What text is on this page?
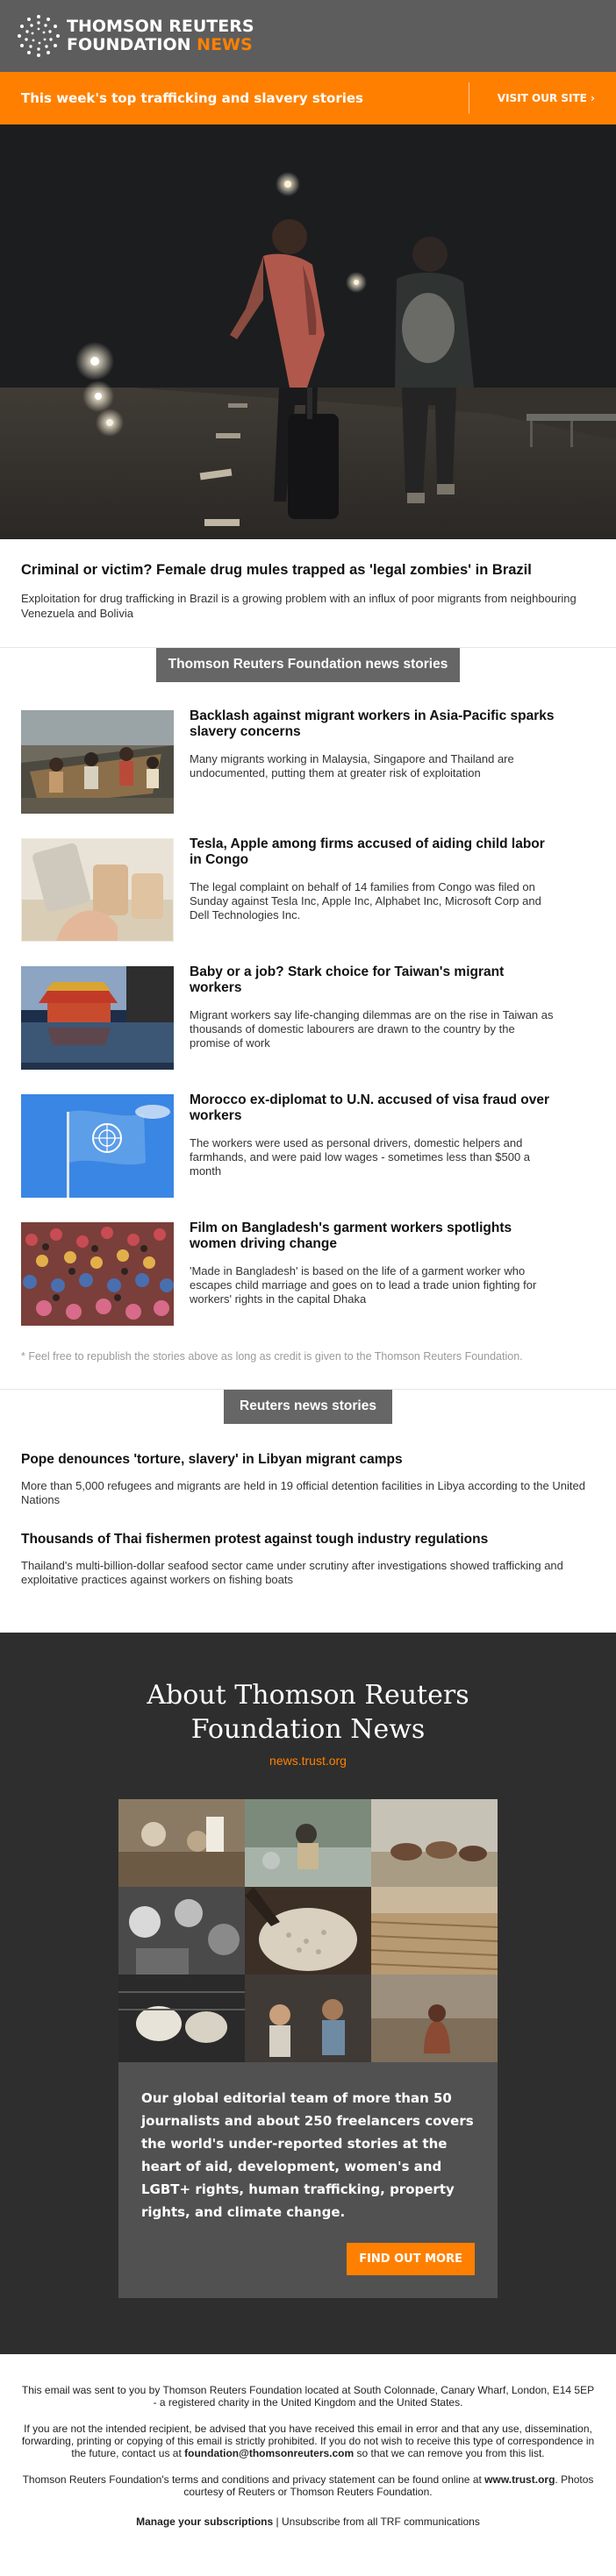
THOMSON REUTERS
FOUNDATION NEWS
This week's top trafficking and slavery stories	VISIT OUR SITE ›
Criminal or victim? Female drug mules trapped as 'legal zombies' in Brazil

Exploitation for drug trafficking in Brazil is a growing problem with an influx of poor migrants from neighbouring Venezuela and Bolivia

Thomson Reuters Foundation news stories
Backlash against migrant workers in Asia-Pacific sparks slavery concerns

Many migrants working in Malaysia, Singapore and Thailand are undocumented, putting them at greater risk of exploitation

Tesla, Apple among firms accused of aiding child labor in Congo

The legal complaint on behalf of 14 families from Congo was filed on Sunday against Tesla Inc, Apple Inc, Alphabet Inc, Microsoft Corp and Dell Technologies Inc.

Baby or a job? Stark choice for Taiwan's migrant workers

Migrant workers say life-changing dilemmas are on the rise in Taiwan as thousands of domestic labourers are drawn to the country by the promise of work

Morocco ex-diplomat to U.N. accused of visa fraud over workers

The workers were used as personal drivers, domestic helpers and farmhands, and were paid low wages - sometimes less than $500 a month

Film on Bangladesh's garment workers spotlights women driving change

'Made in Bangladesh' is based on the life of a garment worker who escapes child marriage and goes on to lead a trade union fighting for workers' rights in the capital Dhaka

* Feel free to republish the stories above as long as credit is given to the Thomson Reuters Foundation.
Reuters news stories
Pope denounces 'torture, slavery' in Libyan migrant camps

More than 5,000 refugees and migrants are held in 19 official detention facilities in Libya according to the United Nations

Thousands of Thai fishermen protest against tough industry regulations

Thailand's multi-billion-dollar seafood sector came under scrutiny after investigations showed trafficking and exploitative practices against workers on fishing boats

About Thomson Reuters
Foundation News
news.trust.org

Our global editorial team of more than 50 journalists and about 250 freelancers covers the world's under-reported stories at the heart of aid, development, women's and LGBT+ rights, human trafficking, property rights, and climate change.

FIND OUT MORE

This email was sent to you by Thomson Reuters Foundation located at South Colonnade, Canary Wharf, London, E14 5EP - a registered charity in the United Kingdom and the United States.

If you are not the intended recipient, be advised that you have received this email in error and that any use, dissemination, forwarding, printing or copying of this email is strictly prohibited. If you do not wish to receive this type of correspondence in the future, contact us at foundation@thomsonreuters.com so that we can remove you from this list.

Thomson Reuters Foundation's terms and conditions and privacy statement can be found online at www.trust.org. Photos courtesy of Reuters or Thomson Reuters Foundation.

Manage your subscriptions | Unsubscribe from all TRF communications
